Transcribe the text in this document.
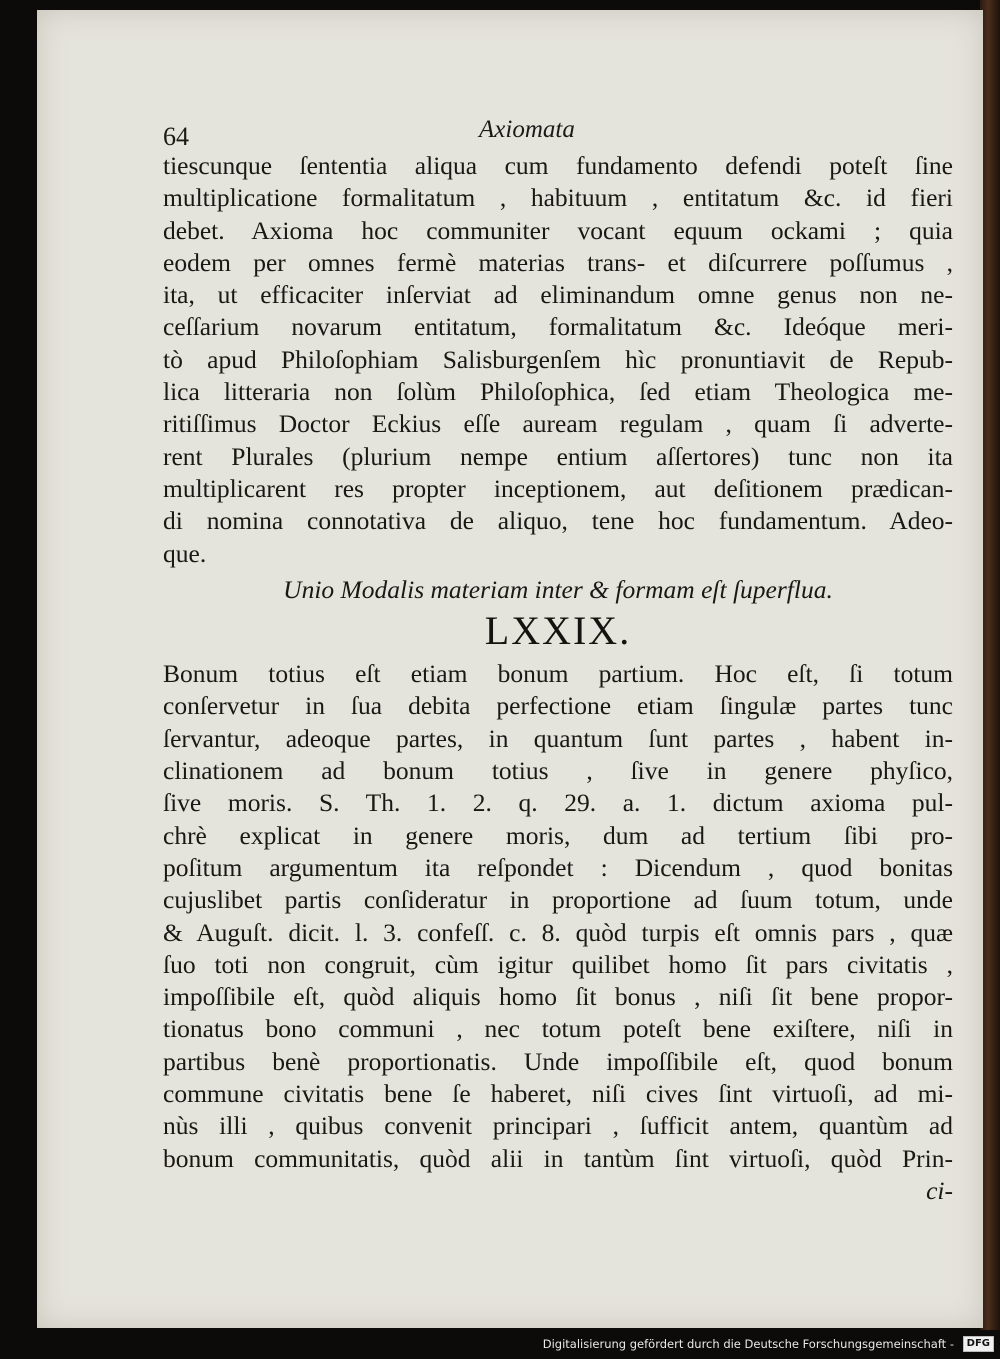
64	Axiomata
tiescunque ſententia aliqua cum fundamento defendi poteſt ſine
multiplicatione formalitatum , habituum , entitatum &c. id fieri
debet. Axioma hoc communiter vocant equum ockami ; quia
eodem per omnes fermè materias trans- et diſcurrere poſſumus ,
ita, ut efficaciter inſerviat ad eliminandum omne genus non ne-
ceſſarium novarum entitatum, formalitatum &c. Ideóque meri-
tò apud Philoſophiam Salisburgenſem hìc pronuntiavit de Repub-
lica litteraria non ſolùm Philoſophica, ſed etiam Theologica me-
ritiſſimus Doctor Eckius eſſe auream regulam , quam ſi adverte-
rent Plurales (plurium nempe entium aſſertores) tunc non ita
multiplicarent res propter inceptionem, aut deſitionem prædican-
di nomina connotativa de aliquo, tene hoc fundamentum. Adeo-
que.
Unio Modalis materiam inter & formam eſt ſuperflua.
LXXIX.
Bonum totius eſt etiam bonum partium. Hoc eſt, ſi totum
conſervetur in ſua debita perfectione etiam ſingulæ partes tunc
ſervantur, adeoque partes, in quantum ſunt partes , habent in-
clinationem ad bonum totius , ſive in genere phyſico,
ſive moris. S. Th. 1. 2. q. 29. a. 1. dictum axioma pul-
chrè explicat in genere moris, dum ad tertium ſibi pro-
poſitum argumentum ita reſpondet : Dicendum , quod bonitas
cujuslibet partis conſideratur in proportione ad ſuum totum, unde
& Auguſt. dicit. l. 3. confeſſ. c. 8. quòd turpis eſt omnis pars , quæ
ſuo toti non congruit, cùm igitur quilibet homo ſit pars civitatis ,
impoſſibile eſt, quòd aliquis homo ſit bonus , niſi ſit bene propor-
tionatus bono communi , nec totum poteſt bene exiſtere, niſi in
partibus benè proportionatis. Unde impoſſibile eſt, quod bonum
commune civitatis bene ſe haberet, niſi cives ſint virtuoſi, ad mi-
nùs illi , quibus convenit principari , ſufficit antem, quantùm ad
bonum communitatis, quòd alii in tantùm ſint virtuoſi, quòd Prin-
ci-
Digitalisierung gefördert durch die Deutsche Forschungsgemeinschaft - DFG
